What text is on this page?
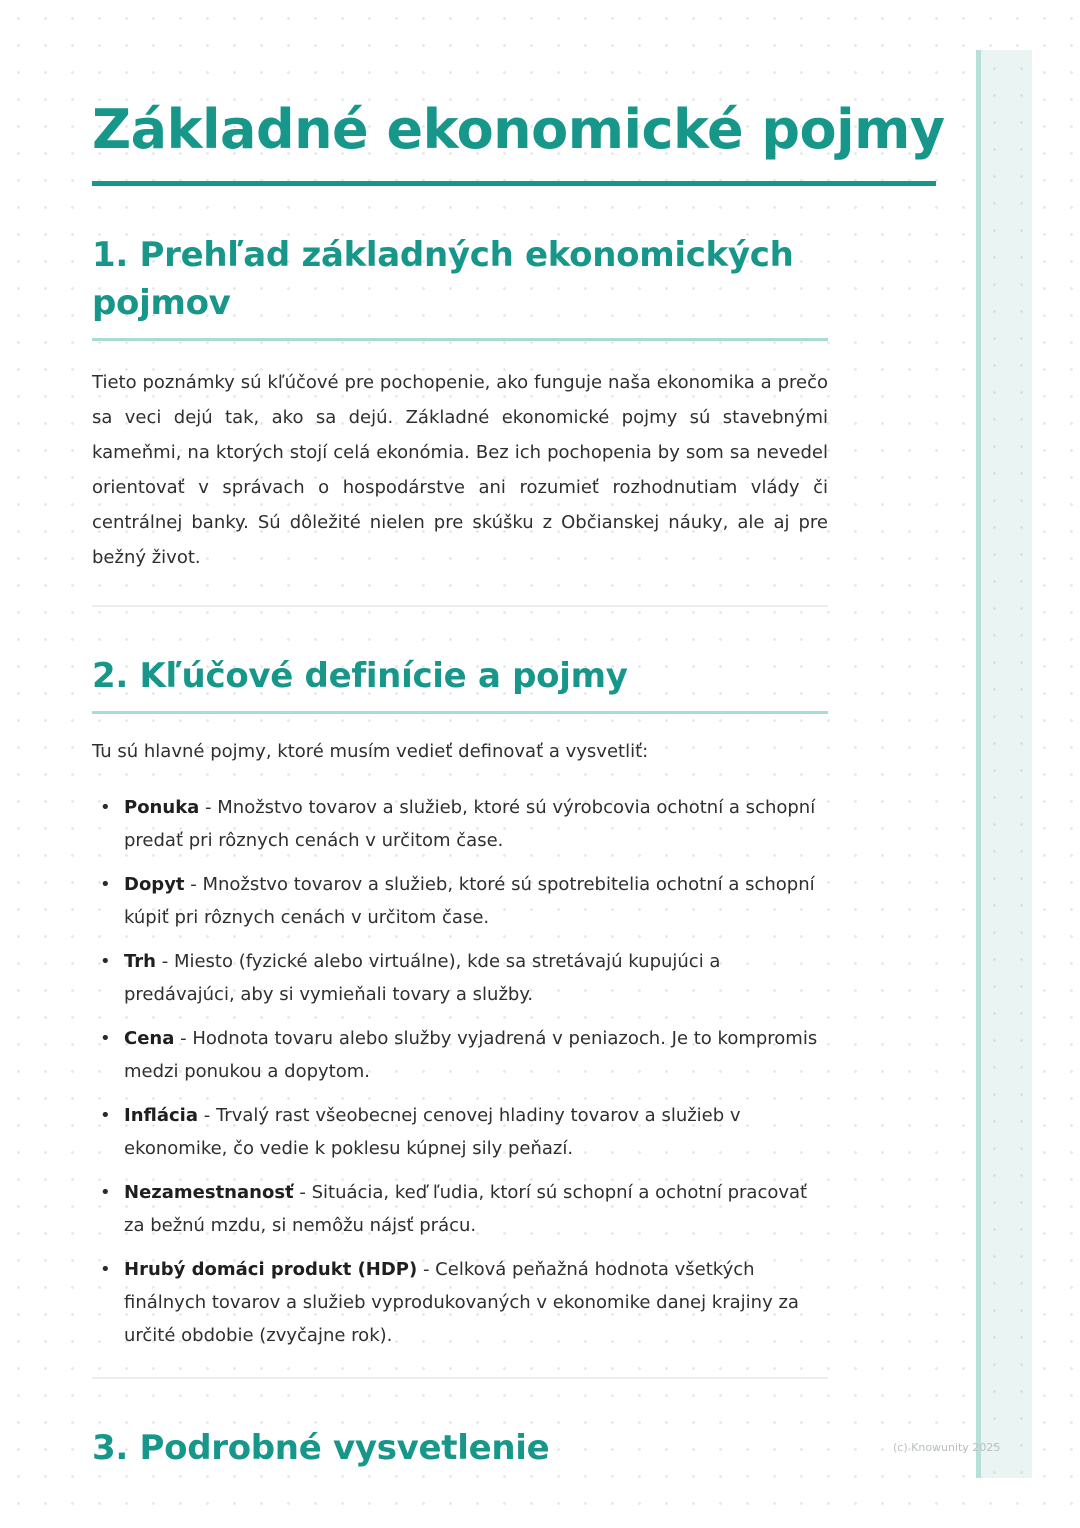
Základné ekonomické pojmy
1. Prehľad základných ekonomických
pojmov

Tieto poznámky sú kľúčové pre pochopenie, ako funguje naša ekonomika a prečo sa veci dejú tak, ako sa dejú. Základné ekonomické pojmy sú stavebnými kameňmi, na ktorých stojí celá ekonómia. Bez ich pochopenia by som sa nevedel orientovať v správach o hospodárstve ani rozumieť rozhodnutiam vlády či centrálnej banky. Sú dôležité nielen pre skúšku z Občianskej náuky, ale aj pre bežný život.

2. Kľúčové definície a pojmy

Tu sú hlavné pojmy, ktoré musím vedieť definovať a vysvetliť:

• Ponuka - Množstvo tovarov a služieb, ktoré sú výrobcovia ochotní a schopní predať pri rôznych cenách v určitom čase.
• Dopyt - Množstvo tovarov a služieb, ktoré sú spotrebitelia ochotní a schopní kúpiť pri rôznych cenách v určitom čase.
• Trh - Miesto (fyzické alebo virtuálne), kde sa stretávajú kupujúci a predávajúci, aby si vymieňali tovary a služby.
• Cena - Hodnota tovaru alebo služby vyjadrená v peniazoch. Je to kompromis medzi ponukou a dopytom.
• Inflácia - Trvalý rast všeobecnej cenovej hladiny tovarov a služieb v ekonomike, čo vedie k poklesu kúpnej sily peňazí.
• Nezamestnanosť - Situácia, keď ľudia, ktorí sú schopní a ochotní pracovať za bežnú mzdu, si nemôžu nájsť prácu.
• Hrubý domáci produkt (HDP) - Celková peňažná hodnota všetkých finálnych tovarov a služieb vyprodukovaných v ekonomike danej krajiny za určité obdobie (zvyčajne rok).
3. Podrobné vysvetlenie	(c) Knowunity 2025
